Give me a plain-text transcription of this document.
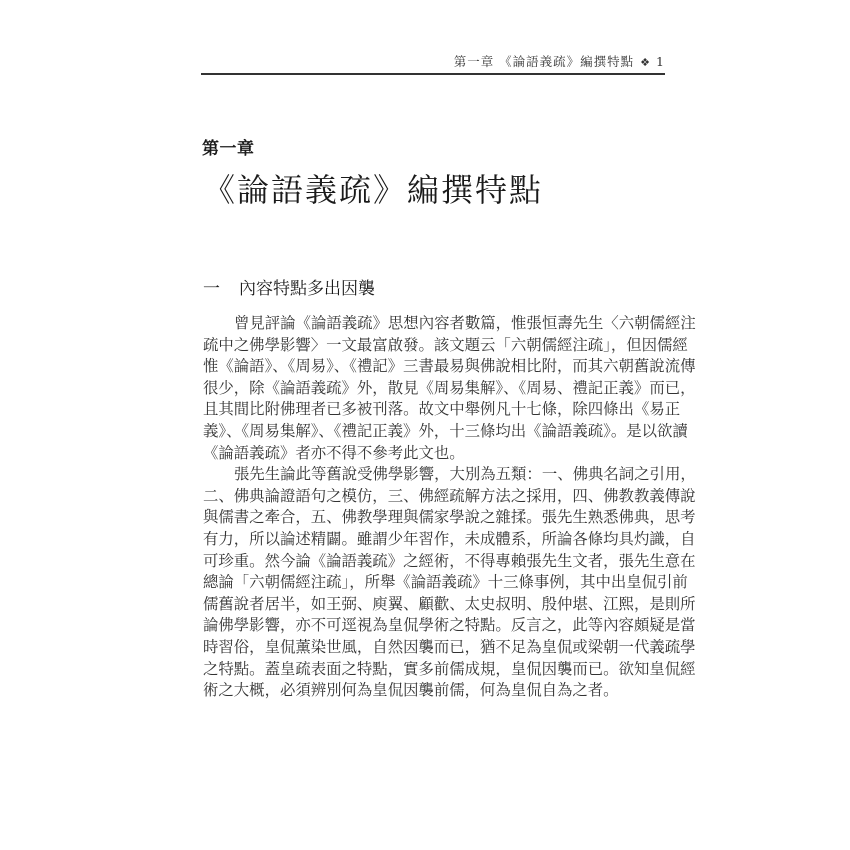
第一章 《論語義疏》編撰特點 ❖ 1
第一章
《論語義疏》編撰特點
一 內容特點多出因襲
曾見評論《論語義疏》思想內容者數篇，惟張恒壽先生〈六朝儒經注
疏中之佛學影響〉一文最富啟發。該文題云「六朝儒經注疏」，但因儒經
惟《論語》、《周易》、《禮記》三書最易與佛說相比附，而其六朝舊說流傳
很少，除《論語義疏》外，散見《周易集解》、《周易、禮記正義》而已，
且其間比附佛理者已多被刊落。故文中舉例凡十七條，除四條出《易正
義》、《周易集解》、《禮記正義》外，十三條均出《論語義疏》。是以欲讀
《論語義疏》者亦不得不參考此文也。
張先生論此等舊說受佛學影響，大別為五類：一、佛典名詞之引用，
二、佛典論證語句之模仿，三、佛經疏解方法之採用，四、佛教教義傳說
與儒書之牽合，五、佛教學理與儒家學說之雜揉。張先生熟悉佛典，思考
有力，所以論述精闢。雖謂少年習作，未成體系，所論各條均具灼識，自
可珍重。然今論《論語義疏》之經術，不得專賴張先生文者，張先生意在
總論「六朝儒經注疏」，所舉《論語義疏》十三條事例，其中出皇侃引前
儒舊說者居半，如王弼、庾翼、顧歡、太史叔明、殷仲堪、江熙，是則所
論佛學影響，亦不可逕視為皇侃學術之特點。反言之，此等內容頗疑是當
時習俗，皇侃薰染世風，自然因襲而已，猶不足為皇侃或梁朝一代義疏學
之特點。蓋皇疏表面之特點，實多前儒成規，皇侃因襲而已。欲知皇侃經
術之大概，必須辨別何為皇侃因襲前儒，何為皇侃自為之者。
